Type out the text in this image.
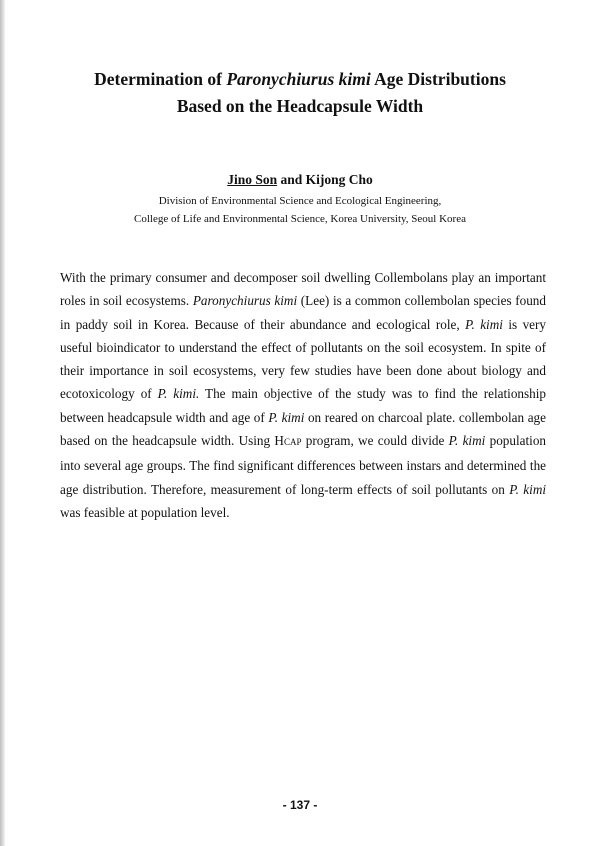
Determination of Paronychiurus kimi Age Distributions
Based on the Headcapsule Width
Jino Son and Kijong Cho
Division of Environmental Science and Ecological Engineering,
College of Life and Environmental Science, Korea University, Seoul Korea

With the primary consumer and decomposer soil dwelling Collembolans play an important roles in soil ecosystems. Paronychiurus kimi (Lee) is a common collembolan species found in paddy soil in Korea. Because of their abundance and ecological role, P. kimi is very useful bioindicator to understand the effect of pollutants on the soil ecosystem. In spite of their importance in soil ecosystems, very few studies have been done about biology and ecotoxicology of P. kimi. The main objective of the study was to find the relationship between headcapsule width and age of P. kimi on reared on charcoal plate. collembolan age based on the headcapsule width. Using HCAP program, we could divide P. kimi population into several age groups. The find significant differences between instars and determined the age distribution. Therefore, measurement of long-term effects of soil pollutants on P. kimi was feasible at population level.

- 137 -
